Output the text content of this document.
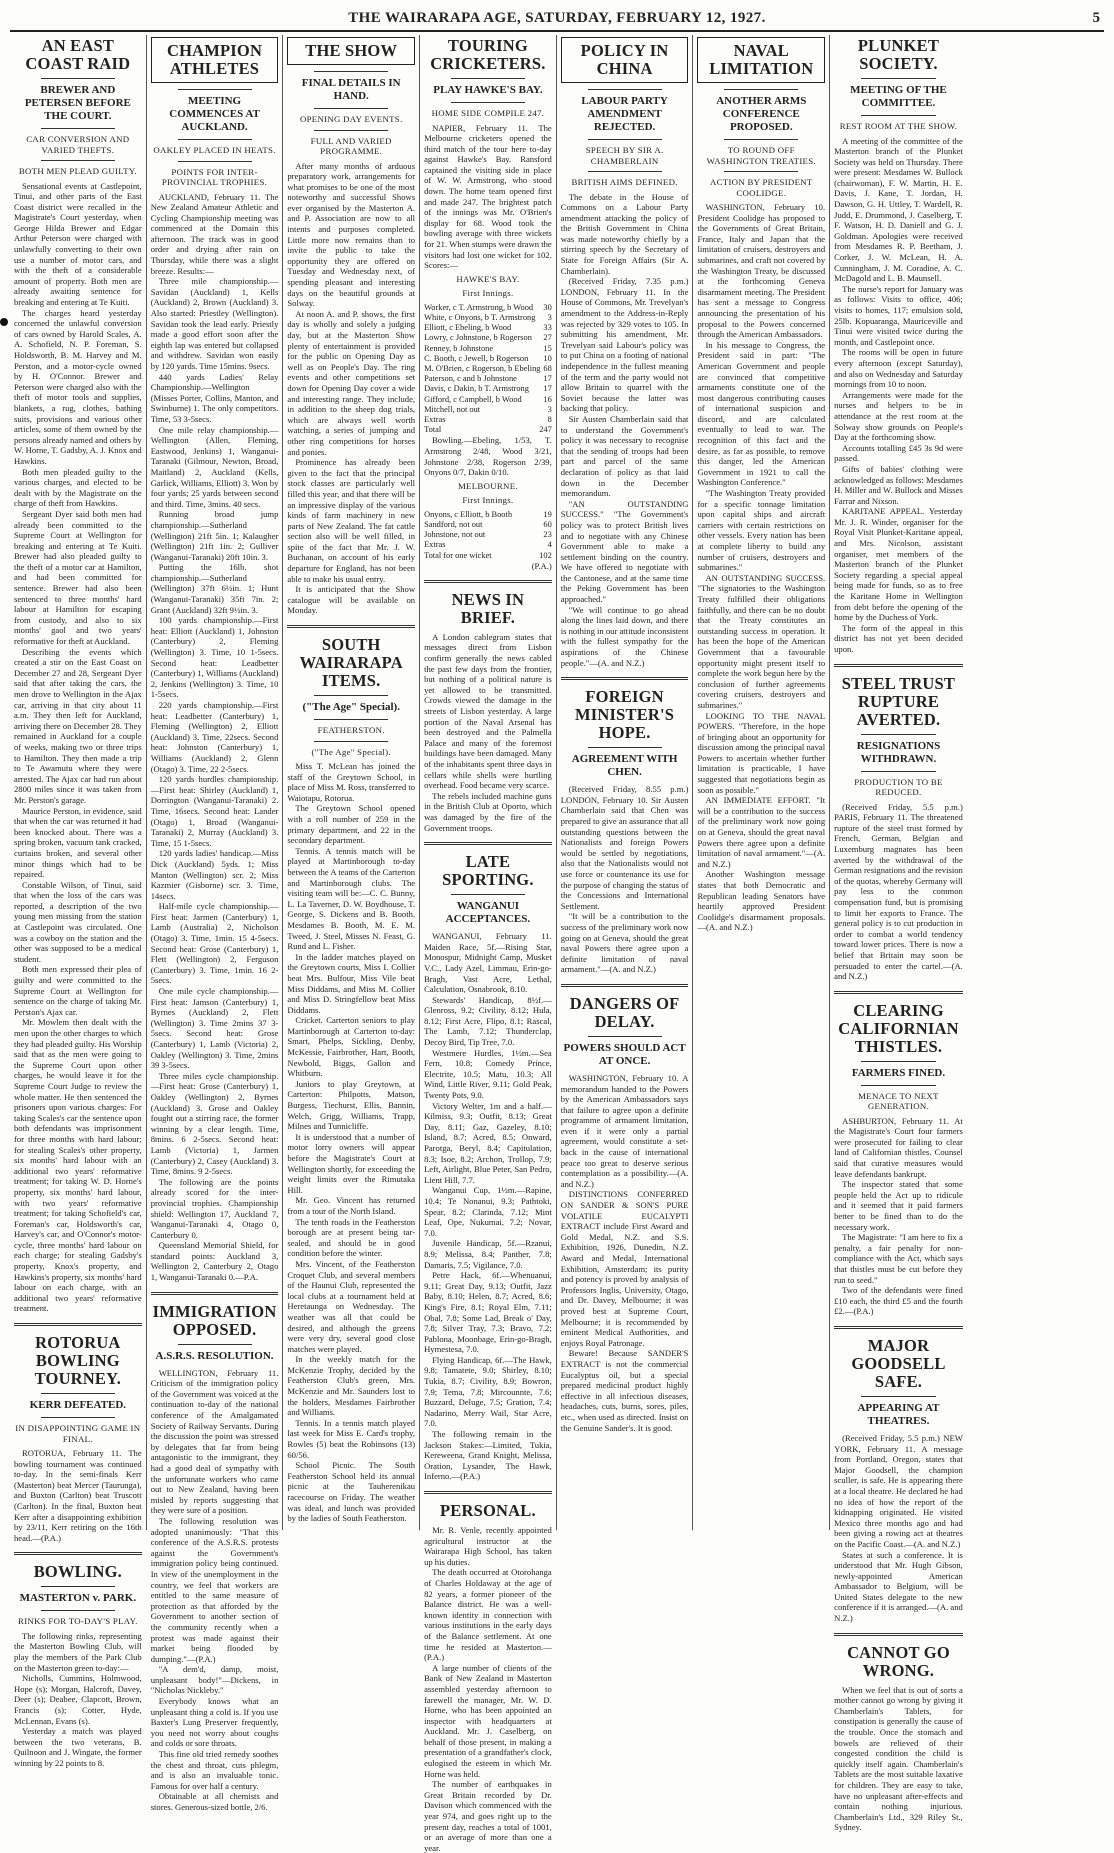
THE WAIRARAPA AGE, SATURDAY, FEBRUARY 12, 1927.	5
AN EAST COAST RAID
BREWER AND PETERSEN BEFORE THE COURT.
CAR CONVERSION AND VARIED THEFTS.
BOTH MEN PLEAD GUILTY.

Sensational events at Castlepoint, Tinui, and other parts of the East Coast district were recalled in the Magistrate's Court yesterday, when George Hilda Brewer and Edgar Arthur Peterson were charged with unlawfully converting to their own use a number of motor cars, and with the theft of a considerable amount of property. Both men are already awaiting sentence for breaking and entering at Te Kuiti.

The charges heard yesterday concerned the unlawful conversion of cars owned by Harold Scales, A. A. Schofield, N. P. Foreman, S. Holdsworth, B. M. Harvey and M. Perston, and a motor-cycle owned by H. O'Connor. Brewer and Peterson were charged also with the theft of motor tools and supplies, blankets, a rug, clothes, bathing suits, provisions and various other articles, some of them owned by the persons already named and others by W. Horne, T. Gadsby, A. J. Knox and Hawkins.

Both men pleaded guilty to the various charges, and elected to be dealt with by the Magistrate on the charge of theft from Hawkins.

Sergeant Dyer said both men had already been committed to the Supreme Court at Wellington for breaking and entering at Te Kuiti. Brewer had also pleaded guilty to the theft of a motor car at Hamilton, and had been committed for sentence. Brewer had also been sentenced to three months' hard labour at Hamilton for escaping from custody, and also to six months' gaol and two years' reformative for theft at Auckland.

Describing the events which created a stir on the East Coast on December 27 and 28, Sergeant Dyer said that after taking the cars, the men drove to Wellington in the Ajax car, arriving in that city about 11 a.m. They then left for Auckland, arriving there on December 28. They remained in Auckland for a couple of weeks, making two or three trips to Hamilton. They then made a trip to Te Awamutu where they were arrested. The Ajax car had run about 2800 miles since it was taken from Mr. Perston's garage.

Maurice Perston, in evidence, said that when the car was returned it had been knocked about. There was a spring broken, vacuum tank cracked, curtains broken, and several other minor things which had to be repaired.

Constable Wilson, of Tinui, said that when the loss of the cars was reported, a description of the two young men missing from the station at Castlepoint was circulated. One was a cowboy on the station and the other was supposed to be a medical student.

Both men expressed their plea of guilty and were committed to the Supreme Court at Wellington for sentence on the charge of taking Mr. Perston's Ajax car.

Mr. Mowlem then dealt with the men upon the other charges to which they had pleaded guilty. His Worship said that as the men were going to the Supreme Court upon other charges, he would leave it for the Supreme Court Judge to review the whole matter. He then sentenced the prisoners upon various charges: For taking Scales's car the sentence upon both defendants was imprisonment for three months with hard labour; for stealing Scales's other property, six months' hard labour with an additional two years' reformative treatment; for taking W. D. Horne's property, six months' hard labour, with two years' reformative treatment; for taking Schofield's car, Foreman's car, Holdsworth's car, Harvey's car, and O'Connor's motor-cycle, three months' hard labour on each charge; for stealing Gadsby's property, Knox's property, and Hawkins's property, six months' hard labour on each charge, with an additional two years' reformative treatment.

ROTORUA BOWLING TOURNEY.
KERR DEFEATED.
IN DISAPPOINTING GAME IN FINAL.

ROTORUA, February 11. The bowling tournament was continued to-day. In the semi-finals Kerr (Masterton) beat Mercer (Taurunga), and Buxton (Carlton) beat Truscott (Carlton). In the final, Buxton beat Kerr after a disappointing exhibition by 23/11, Kerr retiring on the 16th head.—(P.A.)

BOWLING.
MASTERTON v. PARK.
RINKS FOR TO-DAY'S PLAY.

The following rinks, representing the Masterton Bowling Club, will play the members of the Park Club on the Masterton green to-day:—

Nicholls, Cummins, Holmwood, Hope (s); Morgan, Halcroft, Davey, Deer (s); Deabee, Clapcott, Brown, Francis (s); Cotter, Hyde, McLennan, Evans (s).

Yesterday a match was played between the two veterans, B. Quilnoon and J. Wingate, the former winning by 22 points to 8.

CHAMPION ATHLETES
MEETING COMMENCES AT AUCKLAND.
OAKLEY PLACED IN HEATS.
POINTS FOR INTER-PROVINCIAL TROPHIES.

AUCKLAND, February 11. The New Zealand Amateur Athletic and Cycling Championship meeting was commenced at the Domain this afternoon. The track was in good order and drying after rain on Thursday, while there was a slight breeze. Results:—

Three mile championship.—Savidan (Auckland) 1, Kells (Auckland) 2, Brown (Auckland) 3. Also started: Priestley (Wellington). Savidan took the lead early. Priestly made a good effort soon after the eighth lap was entered but collapsed and withdrew. Savidan won easily by 120 yards. Time 15mins. 9secs.

440 yards Ladies' Relay Championship.—Wellington (Misses Porter, Collins, Manton, and Swinburne) 1. The only competitors. Time, 53 3-5secs.

One mile relay championship.—Wellington (Allen, Fleming, Eastwood, Jenkins) 1, Wanganui-Taranaki (Gilmour, Newton, Broad, Maitland) 2, Auckland (Kells, Garlick, Williams, Elliott) 3. Won by four yards; 25 yards between second and third. Time, 3mins. 40 secs.

Running broad jump championship.—Sutherland (Wellington) 21ft 5in. 1; Kalaugher (Wellington) 21ft 1in. 2; Gulliver (Wanganui-Taranaki) 20ft 10in. 3.

Putting the 16lb. shot championship.—Sutherland (Wellington) 37ft 6½in. 1; Hunt (Wanganui-Taranaki) 35ft 7in. 2; Grant (Auckland) 32ft 9½in. 3.

100 yards championship.—First heat: Elliott (Auckland) 1, Johnston (Canterbury) 2, Fleming (Wellington) 3. Time, 10 1-5secs. Second heat: Leadbetter (Canterbury) 1, Williams (Auckland) 2, Jenkins (Wellington) 3. Time, 10 1-5secs.

220 yards championship.—First heat: Leadbetter (Canterbury) 1, Fleming (Wellington) 2, Elliott (Auckland) 3. Time, 22secs. Second heat: Johnston (Canterbury) 1, Williams (Auckland) 2, Glenn (Otago) 3. Time, 22 2-5secs.

120 yards hurdles championship.—First heat: Shirley (Auckland) 1, Dorrington (Wanganui-Taranaki) 2. Time, 16secs. Second heat: Lander (Otago) 1, Broad (Wanganui-Taranaki) 2, Murray (Auckland) 3. Time, 15 1-5secs.

120 yards ladies' handicap.—Miss Dick (Auckland) 5yds. 1; Miss Manton (Wellington) scr. 2; Miss Kazmier (Gisborne) scr. 3. Time, 14secs.

Half-mile cycle championship.—First heat: Jarmen (Canterbury) 1, Lamb (Australia) 2, Nicholson (Otago) 3. Time, 1min. 15 4-5secs. Second heat: Grose (Canterbury) 1, Flett (Wellington) 2, Ferguson (Canterbury) 3. Time, 1min. 16 2-5secs.

One mile cycle championship.—First heat: Jamson (Canterbury) 1, Byrnes (Auckland) 2, Flett (Wellington) 3. Time 2mins 37 3-5secs. Second heat: Grose (Canterbury) 1, Lamb (Victoria) 2, Oakley (Wellington) 3. Time, 2mins 39 3-5secs.

Three miles cycle championship.—First heat: Grose (Canterbury) 1, Oakley (Wellington) 2, Byrnes (Auckland) 3. Grose and Oakley fought out a stirring race, the former winning by a clear length. Time, 8mins. 6 2-5secs. Second heat: Lamb (Victoria) 1, Jarmen (Canterbury) 2, Casey (Auckland) 3. Time, 8mins. 9 2-5secs.

The following are the points already scored for the inter-provincial trophies. Championship shield: Wellington 17, Auckland 7, Wanganui-Taranaki 4, Otago 0, Canterbury 0.

Queensland Memorial Shield, for standard points: Auckland 3, Wellington 2, Canterbury 2, Otago 1, Wanganui-Taranaki 0.—P.A.

IMMIGRATION OPPOSED.
A.S.R.S. RESOLUTION.

WELLINGTON, February 11. Criticism of the immigration policy of the Government was voiced at the continuation to-day of the national conference of the Amalgamated Society of Railway Servants. During the discussion the point was stressed by delegates that far from being antagonistic to the immigrant, they had a good deal of sympathy with the unfortunate workers who came out to New Zealand, having been misled by reports suggesting that they were sure of a position.

The following resolution was adopted unanimously: "That this conference of the A.S.R.S. protests against the Government's immigration policy being continued. In view of the unemployment in the country, we feel that workers are entitled to the same measure of protection as that afforded by the Government to another section of the community recently when a protest was made against their market being flooded by dumping."—(P.A.)

"A dem'd, damp, moist, unpleasant body!"—Dickens, in "Nicholas Nickleby."

Everybody knows what an unpleasant thing a cold is. If you use Baxter's Lung Preserver frequently, you need not worry about coughs and colds or sore throats.

This fine old tried remedy soothes the chest and throat, cuts phlegm, and is also an invaluable tonic. Famous for over half a century.

Obtainable at all chemists and stores. Generous-sized bottle, 2/6.

THE SHOW
FINAL DETAILS IN HAND.
OPENING DAY EVENTS.
FULL AND VARIED PROGRAMME.

After many months of arduous preparatory work, arrangements for what promises to be one of the most noteworthy and successful Shows ever organised by the Masterton A. and P. Association are now to all intents and purposes completed. Little more now remains than to invite the public to take the opportunity they are offered on Tuesday and Wednesday next, of spending pleasant and interesting days on the beautiful grounds at Solway.

At noon A. and P. shows, the first day is wholly and solely a judging day, but at the Masterton Show plenty of entertainment is provided for the public on Opening Day as well as on People's Day. The ring events and other competitions set down for Opening Day cover a wide and interesting range. They include, in addition to the sheep dog trials, which are always well worth watching, a series of jumping and other ring competitions for horses and ponies.

Prominence has already been given to the fact that the principal stock classes are particularly well filled this year, and that there will be an impressive display of the various kinds of farm machinery in new parts of New Zealand. The fat cattle section also will be well filled, in spite of the fact that Mr. J. W. Buchanan, on account of his early departure for England, has not been able to make his usual entry.

It is anticipated that the Show catalogue will be available on Monday.

SOUTH WAIRARAPA ITEMS.
("The Age" Special).
FEATHERSTON.
("The Age" Special).

Miss T. McLean has joined the staff of the Greytown School, in place of Miss M. Ross, transferred to Waiotapu, Rotorua.

The Greytown School opened with a roll number of 259 in the primary department, and 22 in the secondary department.

Tennis. A tennis match will be played at Martinborough to-day between the A teams of the Carterton and Martinborough clubs. The visiting team will be:—C. C. Bunny, L. La Taverner, D. W. Boydhouse, T. George, S. Dickens and B. Booth. Mesdames B. Booth, M. E. M. Tweed, J. Steel, Misses N. Feast, G. Rund and L. Fisher.

In the ladder matches played on the Greytown courts, Miss I. Collier beat Mrs. Bulfour, Miss Vile beat Miss Diddams, and Miss M. Collier and Miss D. Stringfellow beat Miss Diddams.

Cricket. Carterton seniors to play Martinborough at Carterton to-day: Smart, Phelps, Sickling, Denby, McKessie, Fairbrother, Hart, Booth, Newbold, Biggs, Gallon and Whitburn.

Juniors to play Greytown, at Carterton: Philpotts, Matson, Burgess, Tiechurst, Ellis, Bannin, Welch, Grigg, Williams, Trapp, Milnes and Tunnicliffe.

It is understood that a number of motor lorry owners will appear before the Magistrate's Court at Wellington shortly, for exceeding the weight limits over the Rimutaka Hill.

Mr. Geo. Vincent has returned from a tour of the North Island.

The tenth roads in the Featherston borough are at present being tar-sealed, and should be in good condition before the winter.

Mrs. Vincent, of the Featherston Croquet Club, and several members of the Haunui Club, represented the local clubs at a tournament held at Heretaunga on Wednesday. The weather was all that could be desired, and although the greens were very dry, several good close matches were played.

In the weekly match for the McKenzie Trophy, decided by the Featherston Club's green, Mrs. McKenzie and Mr. Saunders lost to the holders, Mesdames Fairbrother and Williams.

Tennis. In a tennis match played last week for Miss E. Card's trophy, Rowles (5) beat the Robinsons (13) 60/56.

School Picnic. The South Featherston School held its annual picnic at the Tauherenikau racecourse on Friday. The weather was ideal, and lunch was provided by the ladies of South Featherston.

TOURING CRICKETERS.
PLAY HAWKE'S BAY.
HOME SIDE COMPILE 247.

NAPIER, February 11. The Melbourne cricketers opened the third match of the tour here to-day against Hawke's Bay. Ransford captained the visiting side in place of W. W. Armstrong, who stood down. The home team opened first and made 247. The brightest patch of the innings was Mr. O'Brien's display for 68. Wood took the bowling average with three wickets for 21. When stumps were drawn the visitors had lost one wicket for 102. Scores:—

HAWKE'S BAY.
First Innings.
Worker, c T. Armstrong, b Wood 30
White, c Onyons, b T. Armstrong 3
Elliott, c Ebeling, b Wood	33
Lowry, c Johnstone, b Rogerson 27
Renney, b Johnstone	15
C. Booth, c Jewell, b Rogerson 10
M. O'Brien, c Rogerson, b Ebeling 68
Paterson, c and b Johnstone	17
Davis, c Dakin, b T. Armstrong 17
Gifford, c Campbell, b Wood	16
Mitchell, not out	3
Extras	8
Total	247

Bowling.—Ebeling, 1/53, T. Armstrong 2/48, Wood 3/21, Johnstone 2/38, Rogerson 2/39, Onyons 0/7, Dakin 0/10.

MELBOURNE.
First Innings.
Onyons, c Elliott, b Booth	19
Sandford, not out	60
Johnstone, not out	23
Extras	4
Total for one wicket	102
(P.A.)
NEWS IN BRIEF.

A London cablegram states that messages direct from Lisbon confirm generally the news cabled the past few days from the frontier, but nothing of a political nature is yet allowed to be transmitted. Crowds viewed the damage in the streets of Lisbon yesterday. A large portion of the Naval Arsenal has been destroyed and the Palmella Palace and many of the foremost buildings have been damaged. Many of the inhabitants spent three days in cellars while shells were hurtling overhead. Food became very scarce.

The rebels included machine guns in the British Club at Oporto, which was damaged by the fire of the Government troops.

LATE SPORTING.
WANGANUI ACCEPTANCES.

WANGANUI, February 11. Maiden Race, 5f.—Rising Star, Monospur, Midnight Camp, Musket V.C., Lady Azel, Limmau, Erin-go-Bragh, Vast Acre, Lethal, Calculation, Osnabrook, 8.10.

Stewards' Handicap, 8½f.—Glenross, 9.2; Civility, 8.12; Hula, 8.12; First Acre, Flipo, 8.1; Rascal, The Lamb, 7.12; Thunderclap, Decoy Bird, Tip Tree, 7.0.

Westmere Hurdles, 1½m.—Sea Fern, 10.8; Comedy Prince, Electrite, 10.5; Matu, 10.3; All Wind, Little River, 9.11; Gold Peak, Twenty Pots, 9.0.

Victory Welter, 1m and a half.—Kilmiss, 9.3; Outfit, 8.13; Great Day, 8.11; Gaz, Gazeley, 8.10; Island, 8.7; Acred, 8.5; Onward, Parotga, Beryl, 8.4; Capitulation, 8.3; Isoe, 8.2; Archon, Trollop, 7.9; Left, Airlight, Blue Peter, San Pedro, Lient Hill, 7.7.

Wanganui Cup, 1½m.—Rapine, 10.4; Te Nonanui, 9.3; Pathtoki, Spear, 8.2; Clarinda, 7.12; Mint Leaf, Ope, Nukumai, 7.2; Novar, 7.0.

Juvenile Handicap, 5f.—Rzanui, 8.9; Melissa, 8.4; Panther, 7.8; Damaris, 7.5; Vigilance, 7.0.

Petre Hack, 6f.—Whenuanui, 9.11; Great Day, 9.13; Outfit, Jazz Baby, 8.10; Helen, 8.7; Acred, 8.6; King's Fire, 8.1; Royal Elm, 7.11; Obal, 7.8; Some Lad, Break o' Day, 7.8; Silver Tray, 7.3; Bravo, 7.2; Pablona, Moonbage, Erin-go-Bragh, Hymestesa, 7.0.

Flying Handicap, 6f.—The Hawk, 9.8; Tamatete, 9.0; Shirley, 8.10; Tukia, 8.7; Civility, 8.9; Bowron, 7.9; Tema, 7.8; Mircounnte, 7.6; Buzzard, Deluge, 7.5; Gration, 7.4; Nadarino, Merry Wail, Star Acre, 7.0.

The following remain in the Jackson Stakes:—Limited, Tukia, Kereweena, Grand Knight, Melissa, Oration, Lysander, The Hawk, Inferno.—(P.A.)

PERSONAL.

Mr. R. Venle, recently appointed agricultural instructor at the Wairarapa High School, has taken up his duties.

The death occurred at Otorohanga of Charles Holdaway at the age of 82 years, a former pioneer of the Balance district. He was a well-known identity in connection with various institutions in the early days of the Balance settlement. At one time he resided at Masterton.—(P.A.)

A large number of clients of the Bank of New Zealand in Masterton assembled yesterday afternoon to farewell the manager, Mr. W. D. Horne, who has been appointed an inspector with headquarters at Auckland. Mr. J. Caselberg, on behalf of those present, in making a presentation of a grandfather's clock, eulogised the esteem in which Mr. Horne was held.

The number of earthquakes in Great Britain recorded by Dr. Davison which commenced with the year 974, and goes right up to the present day, reaches a total of 1001, or an average of more than one a year.

POLICY IN CHINA
LABOUR PARTY AMENDMENT REJECTED.
SPEECH BY SIR A. CHAMBERLAIN
BRITISH AIMS DEFINED.

The debate in the House of Commons on a Labour Party amendment attacking the policy of the British Government in China was made noteworthy chiefly by a stirring speech by the Secretary of State for Foreign Affairs (Sir A. Chamberlain).

(Received Friday, 7.35 p.m.) LONDON, February 11. In the House of Commons, Mr. Trevelyan's amendment to the Address-in-Reply was rejected by 329 votes to 105. In submitting his amendment, Mr. Trevelyan said Labour's policy was to put China on a footing of national independence in the fullest meaning of the term and the party would not allow Britain to quarrel with the Soviet because the latter was backing that policy.

Sir Austen Chamberlain said that to understand the Government's policy it was necessary to recognise that the sending of troops had been part and parcel of the same declaration of policy as that laid down in the December memorandum.

"AN OUTSTANDING SUCCESS." "The Government's policy was to protect British lives and to negotiate with any Chinese Government able to make a settlement binding on the country. We have offered to negotiate with the Cantonese, and at the same time the Peking Government has been approached."

"We will continue to go ahead along the lines laid down, and there is nothing in our attitude inconsistent with the fullest sympathy for the aspirations of the Chinese people."—(A. and N.Z.)

FOREIGN MINISTER'S HOPE.
AGREEMENT WITH CHEN.

(Received Friday, 8.55 p.m.) LONDON, February 10. Sir Austen Chamberlain said that Chen was prepared to give an assurance that all outstanding questions between the Nationalists and foreign Powers would be settled by negotiations, also that the Nationalists would not use force or countenance its use for the purpose of changing the status of the Concessions and International Settlement.

"It will be a contribution to the success of the preliminary work now going on at Geneva, should the great naval Powers there agree upon a definite limitation of naval armament."—(A. and N.Z.)

DANGERS OF DELAY.
POWERS SHOULD ACT AT ONCE.

WASHINGTON, February 10. A memorandum handed to the Powers by the American Ambassadors says that failure to agree upon a definite programme of armament limitation, even if it were only a partial agreement, would constitute a set-back in the cause of international peace too great to deserve serious contemplation as a possibility.—(A. and N.Z.)

DISTINCTIONS CONFERRED ON SANDER & SON'S PURE VOLATILE EUCALYPTI EXTRACT include First Award and Gold Medal, N.Z. and S.S. Exhibition, 1926, Dunedin, N.Z. Award and Medal, International Exhibition, Amsterdam; its purity and potency is proved by analysis of Professors Inglis, University, Otago, and Dr. Davey, Melbourne; it was proved best at Supreme Court, Melbourne; it is recommended by eminent Medical Authorities, and enjoys Royal Patronage.

Beware! Because SANDER'S EXTRACT is not the commercial Eucalyptus oil, but a special prepared medicinal product highly effective in all infectious diseases, headaches, cuts, burns, sores, piles, etc., when used as directed. Insist on the Genuine Sander's. It is good.

NAVAL LIMITATION
ANOTHER ARMS CONFERENCE PROPOSED.
TO ROUND OFF WASHINGTON TREATIES.
ACTION BY PRESIDENT COOLIDGE.

WASHINGTON, February 10. President Coolidge has proposed to the Governments of Great Britain, France, Italy and Japan that the limitation of cruisers, destroyers and submarines, and craft not covered by the Washington Treaty, be discussed at the forthcoming Geneva disarmament meeting. The President has sent a message to Congress announcing the presentation of his proposal to the Powers concerned through the American Ambassadors.

In his message to Congress, the President said in part: "The American Government and people are convinced that competitive armaments constitute one of the most dangerous contributing causes of international suspicion and discord, and are calculated eventually to lead to war. The recognition of this fact and the desire, as far as possible, to remove this danger, led the American Government in 1921 to call the Washington Conference."

"The Washington Treaty provided for a specific tonnage limitation upon capital ships and aircraft carriers with certain restrictions on other vessels. Every nation has been at complete liberty to build any number of cruisers, destroyers and submarines."

AN OUTSTANDING SUCCESS. "The signatories to the Washington Treaty fulfilled their obligations faithfully, and there can be no doubt that the Treaty constitutes an outstanding success in operation. It has been the hope of the American Government that a favourable opportunity might present itself to complete the work begun here by the conclusion of further agreements covering cruisers, destroyers and submarines."

LOOKING TO THE NAVAL POWERS. "Therefore, in the hope of bringing about an opportunity for discussion among the principal naval Powers to ascertain whether further limitation is practicable, I have suggested that negotiations begin as soon as possible."

AN IMMEDIATE EFFORT. "It will be a contribution to the success of the preliminary work now going on at Geneva, should the great naval Powers there agree upon a definite limitation of naval armament."—(A. and N.Z.)

Another Washington message states that both Democratic and Republican leading Senators have heartily approved President Coolidge's disarmament proposals.—(A. and N.Z.)

PLUNKET SOCIETY.
MEETING OF THE COMMITTEE.
REST ROOM AT THE SHOW.

A meeting of the committee of the Masterton branch of the Plunket Society was held on Thursday. There were present: Mesdames W. Bullock (chairwoman), F. W. Martin, H. E. Davis, J. Kane, T. Jordan, H. Dawson, G. H. Uttley, T. Wardell, R. Judd, E. Drummond, J. Caselberg, T. F. Watson, H. D. Daniell and G. J. Goldman. Apologies were received from Mesdames R. P. Beetham, J. Corker, J. W. McLean, H. A. Cunningham, J. M. Coradine, A. C. McDagold and L. B. Maunsell.

The nurse's report for January was as follows: Visits to office, 406; visits to homes, 117; emulsion sold, 25lb. Kopuaranga, Mauriceville and Tinui were visited twice during the month, and Castlepoint once.

The rooms will be open in future every afternoon (except Saturday), and also on Wednesday and Saturday mornings from 10 to noon.

Arrangements were made for the nurses and helpers to be in attendance at the rest room at the Solway show grounds on People's Day at the forthcoming show.

Accounts totalling £45 3s 9d were passed.

Gifts of babies' clothing were acknowledged as follows: Mesdames H. Miller and W. Bullock and Misses Farrar and Nixson.

KARITANE APPEAL. Yesterday Mr. J. R. Winder, organiser for the Royal Visit Plunket-Karitane appeal, and Mrs. Nicolson, assistant organiser, met members of the Masterton branch of the Plunket Society regarding a special appeal being made for funds, so as to free the Karitane Home in Wellington from debt before the opening of the home by the Duchess of York.

The form of the appeal in this district has not yet been decided upon.

STEEL TRUST RUPTURE AVERTED.
RESIGNATIONS WITHDRAWN.
PRODUCTION TO BE REDUCED.

(Received Friday, 5.5 p.m.) PARIS, February 11. The threatened rupture of the steel trust formed by French, German, Belgian and Luxemburg magnates has been averted by the withdrawal of the German resignations and the revision of the quotas, whereby Germany will pay less to the common compensation fund, but is promising to limit her exports to France. The general policy is to cut production in order to combat a world tendency toward lower prices. There is now a belief that Britain may soon be persuaded to enter the cartel.—(A. and N.Z.)

CLEARING CALIFORNIAN THISTLES.
FARMERS FINED.
MENACE TO NEXT GENERATION.

ASHBURTON, February 11. At the Magistrate's Court four farmers were prosecuted for failing to clear land of Californian thistles. Counsel said that curative measures would leave defendants bankrupt.

The inspector stated that some people held the Act up to ridicule and it seemed that it paid farmers better to be fined than to do the necessary work.

The Magistrate: "I am here to fix a penalty, a fair penalty for non-compliance with the Act, which says that thistles must be cut before they run to seed."

Two of the defendants were fined £10 each, the third £5 and the fourth £2.—(P.A.)

MAJOR GOODSELL SAFE.
APPEARING AT THEATRES.

(Received Friday, 5.5 p.m.) NEW YORK, February 11. A message from Portland, Oregon, states that Major Goodsell, the champion sculler, is safe. He is appearing there at a local theatre. He declared he had no idea of how the report of the kidnapping originated. He visited Mexico three months ago and had been giving a rowing act at theatres on the Pacific Coast.—(A. and N.Z.)

States at such a conference. It is understood that Mr. Hugh Gibson, newly-appointed American Ambassador to Belgium, will be United States delegate to the new conference if it is arranged.—(A. and N.Z.)

CANNOT GO WRONG.

When we feel that is out of sorts a mother cannot go wrong by giving it Chamberlain's Tablets, for constipation is generally the cause of the trouble. Once the stomach and bowels are relieved of their congested condition the child is quickly itself again. Chamberlain's Tablets are the most suitable laxative for children. They are easy to take, have no unpleasant after-effects and contain nothing injurious. Chamberlain's Ltd., 329 Riley St., Sydney.
